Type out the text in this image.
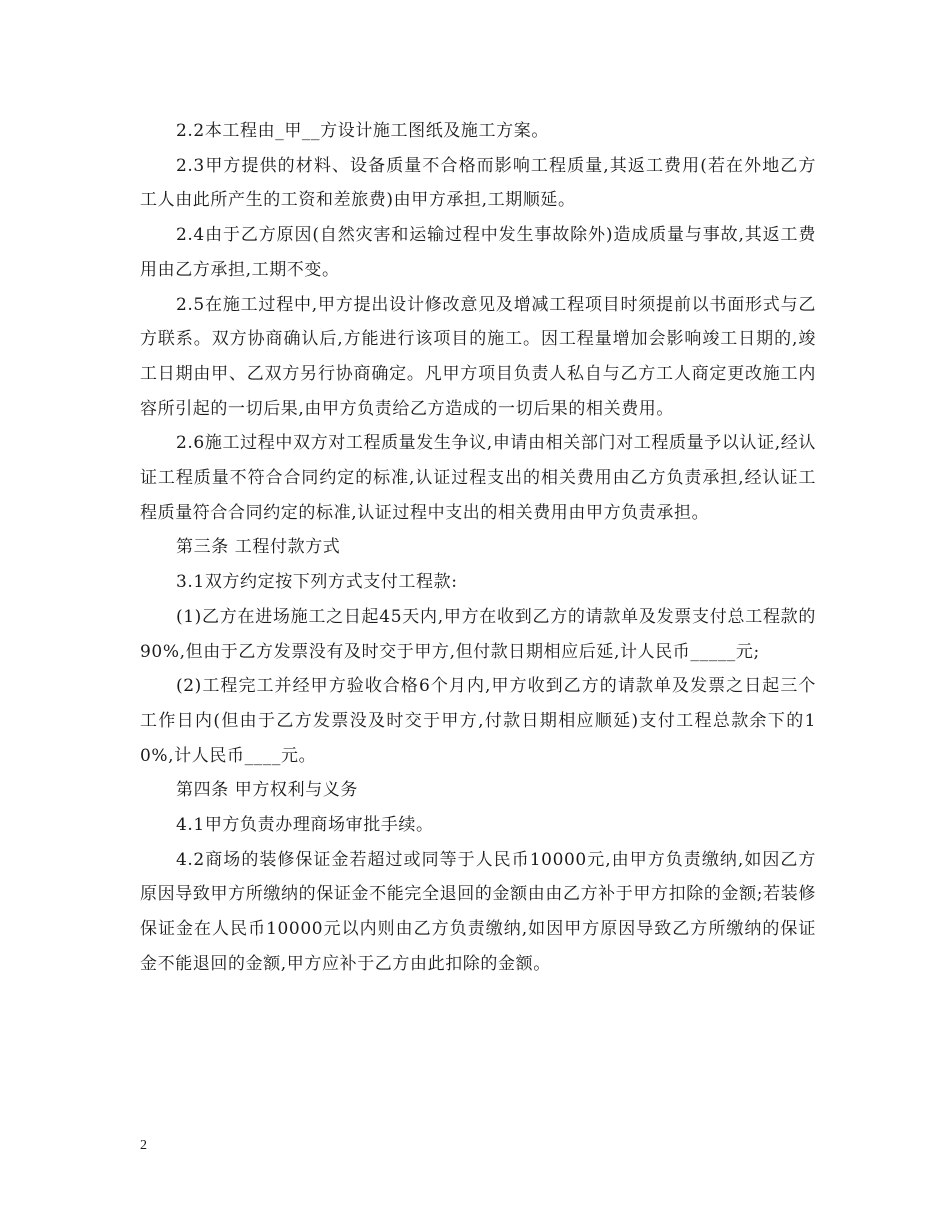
2.2本工程由_甲__方设计施工图纸及施工方案。

2.3甲方提供的材料、设备质量不合格而影响工程质量,其返工费用(若在外地乙方工人由此所产生的工资和差旅费)由甲方承担,工期顺延。

2.4由于乙方原因(自然灾害和运输过程中发生事故除外)造成质量与事故,其返工费用由乙方承担,工期不变。

2.5在施工过程中,甲方提出设计修改意见及增减工程项目时须提前以书面形式与乙方联系。双方协商确认后,方能进行该项目的施工。因工程量增加会影响竣工日期的,竣工日期由甲、乙双方另行协商确定。凡甲方项目负责人私自与乙方工人商定更改施工内容所引起的一切后果,由甲方负责给乙方造成的一切后果的相关费用。

2.6施工过程中双方对工程质量发生争议,申请由相关部门对工程质量予以认证,经认证工程质量不符合合同约定的标准,认证过程支出的相关费用由乙方负责承担,经认证工程质量符合合同约定的标准,认证过程中支出的相关费用由甲方负责承担。

第三条 工程付款方式

3.1双方约定按下列方式支付工程款:

(1)乙方在进场施工之日起45天内,甲方在收到乙方的请款单及发票支付总工程款的90%,但由于乙方发票没有及时交于甲方,但付款日期相应后延,计人民币_____元;

(2)工程完工并经甲方验收合格6个月内,甲方收到乙方的请款单及发票之日起三个工作日内(但由于乙方发票没及时交于甲方,付款日期相应顺延)支付工程总款余下的10%,计人民币____元。

第四条 甲方权利与义务

4.1甲方负责办理商场审批手续。

4.2商场的装修保证金若超过或同等于人民币10000元,由甲方负责缴纳,如因乙方原因导致甲方所缴纳的保证金不能完全退回的金额由由乙方补于甲方扣除的金额;若装修保证金在人民币10000元以内则由乙方负责缴纳,如因甲方原因导致乙方所缴纳的保证金不能退回的金额,甲方应补于乙方由此扣除的金额。

2
